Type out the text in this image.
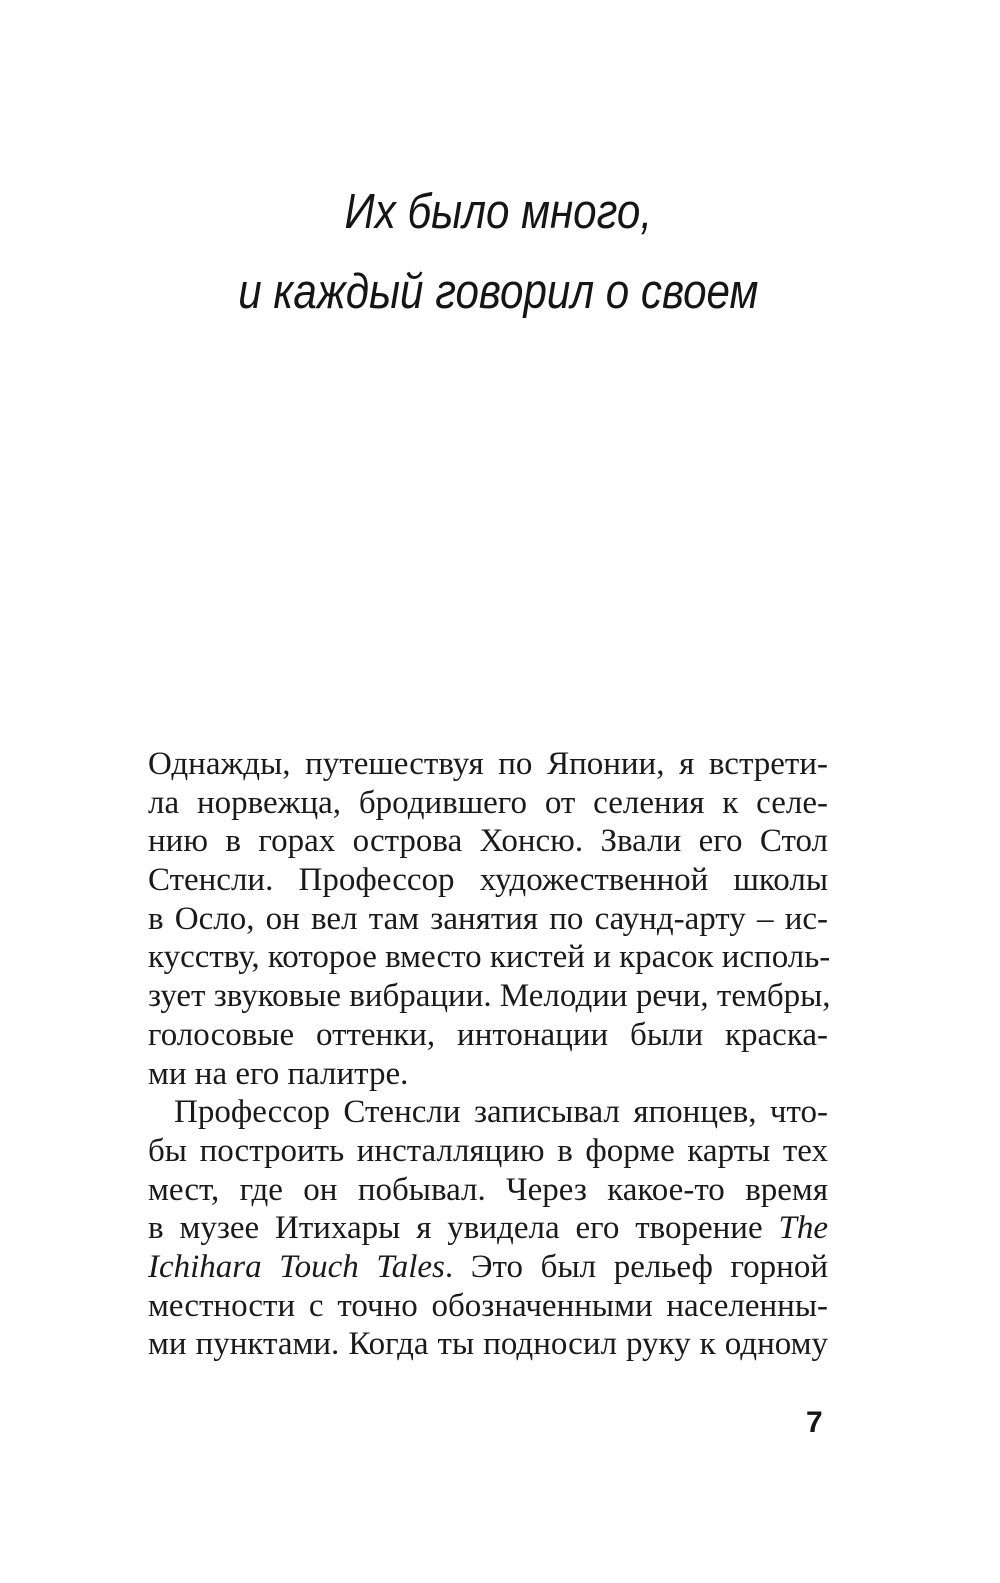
Их было много,
и каждый говорил о своем
Однажды, путешествуя по Японии, я встрети-
ла норвежца, бродившего от селения к селе-
нию в горах острова Хонсю. Звали его Стол
Стенсли. Профессор художественной школы
в Осло, он вел там занятия по саунд-арту – ис-
кусству, которое вместо кистей и красок исполь-
зует звуковые вибрации. Мелодии речи, тембры,
голосовые оттенки, интонации были краска-
ми на его палитре.
Профессор Стенсли записывал японцев, что-
бы построить инсталляцию в форме карты тех
мест, где он побывал. Через какое-то время
в музее Итихары я увидела его творение The
Ichihara Touch Tales. Это был рельеф горной
местности с точно обозначенными населенны-
ми пунктами. Когда ты подносил руку к одному
7
